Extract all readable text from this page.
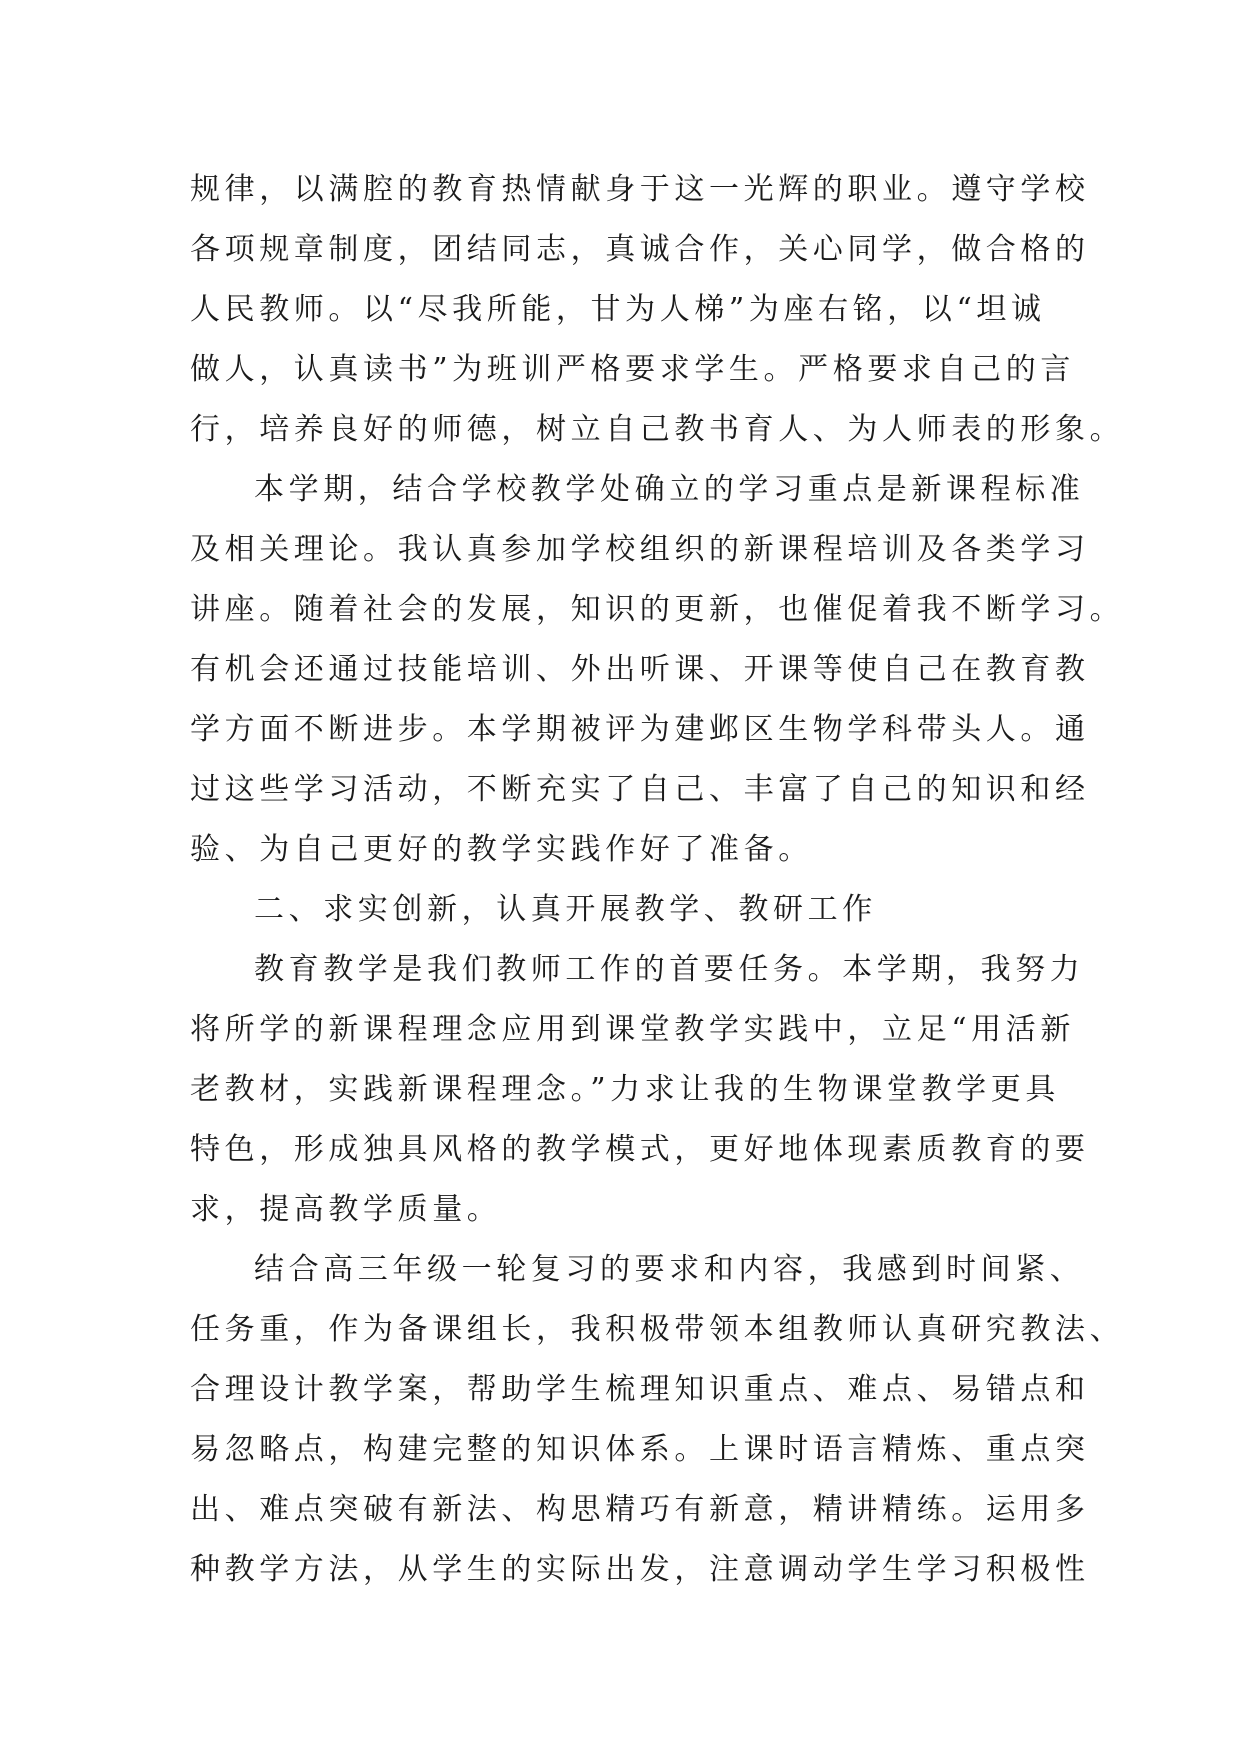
规律，以满腔的教育热情献身于这一光辉的职业。遵守学校
各项规章制度，团结同志，真诚合作，关心同学，做合格的
人民教师。以“尽我所能，甘为人梯”为座右铭，以“坦诚
做人，认真读书”为班训严格要求学生。严格要求自己的言
行，培养良好的师德，树立自己教书育人、为人师表的形象。
本学期，结合学校教学处确立的学习重点是新课程标准
及相关理论。我认真参加学校组织的新课程培训及各类学习
讲座。随着社会的发展，知识的更新，也催促着我不断学习。
有机会还通过技能培训、外出听课、开课等使自己在教育教
学方面不断进步。本学期被评为建邺区生物学科带头人。通
过这些学习活动，不断充实了自己、丰富了自己的知识和经
验、为自己更好的教学实践作好了准备。
二、求实创新，认真开展教学、教研工作
教育教学是我们教师工作的首要任务。本学期，我努力
将所学的新课程理念应用到课堂教学实践中，立足“用活新
老教材，实践新课程理念。”力求让我的生物课堂教学更具
特色，形成独具风格的教学模式，更好地体现素质教育的要
求，提高教学质量。
结合高三年级一轮复习的要求和内容，我感到时间紧、
任务重，作为备课组长，我积极带领本组教师认真研究教法、
合理设计教学案，帮助学生梳理知识重点、难点、易错点和
易忽略点，构建完整的知识体系。上课时语言精炼、重点突
出、难点突破有新法、构思精巧有新意，精讲精练。运用多
种教学方法，从学生的实际出发，注意调动学生学习积极性
